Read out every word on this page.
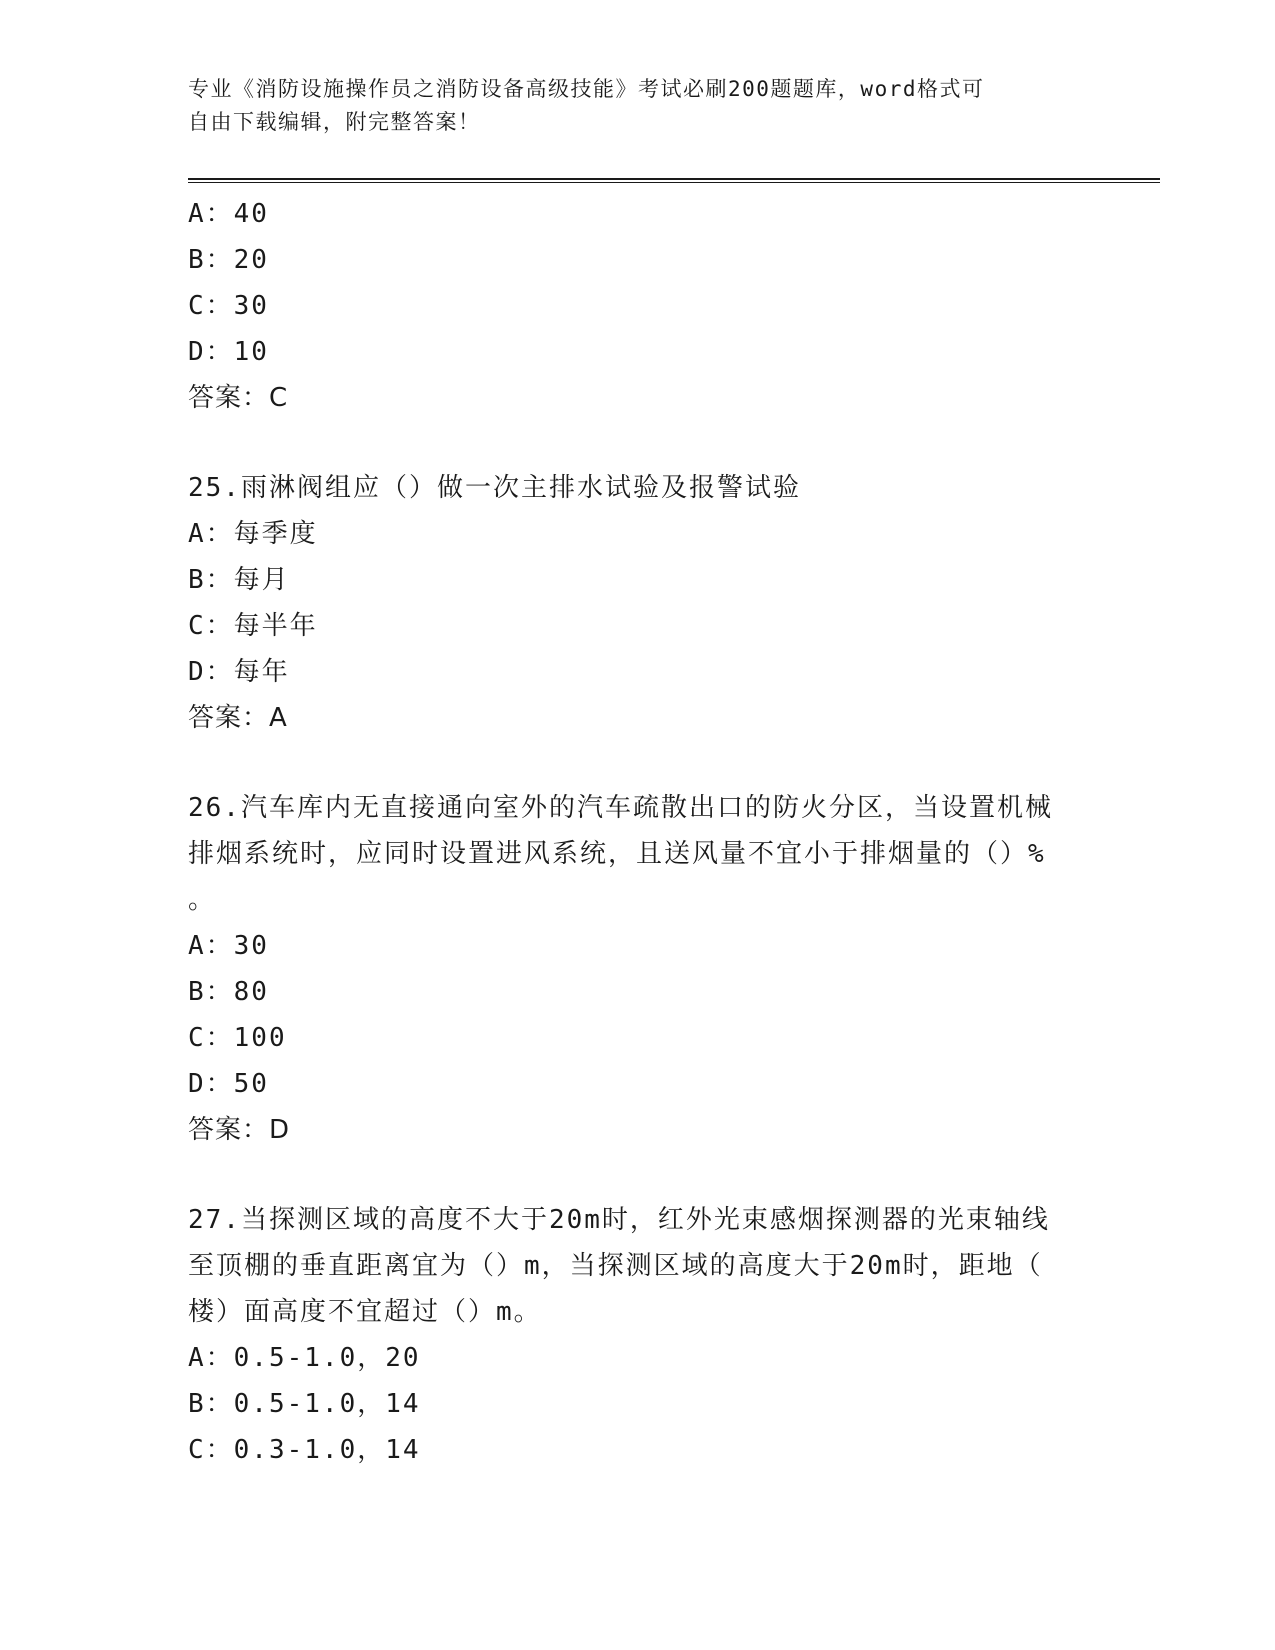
专业《消防设施操作员之消防设备高级技能》考试必刷200题题库，word格式可
自由下载编辑，附完整答案！
A：40
B：20
C：30
D：10
答案：C
25.雨淋阀组应（）做一次主排水试验及报警试验
A：每季度
B：每月
C：每半年
D：每年
答案：A
26.汽车库内无直接通向室外的汽车疏散出口的防火分区，当设置机械
排烟系统时，应同时设置进风系统，且送风量不宜小于排烟量的（）%
。
A：30
B：80
C：100
D：50
答案：D
27.当探测区域的高度不大于20m时，红外光束感烟探测器的光束轴线
至顶棚的垂直距离宜为（）m，当探测区域的高度大于20m时，距地（
楼）面高度不宜超过（）m。
A：0.5-1.0，20
B：0.5-1.0，14
C：0.3-1.0，14
